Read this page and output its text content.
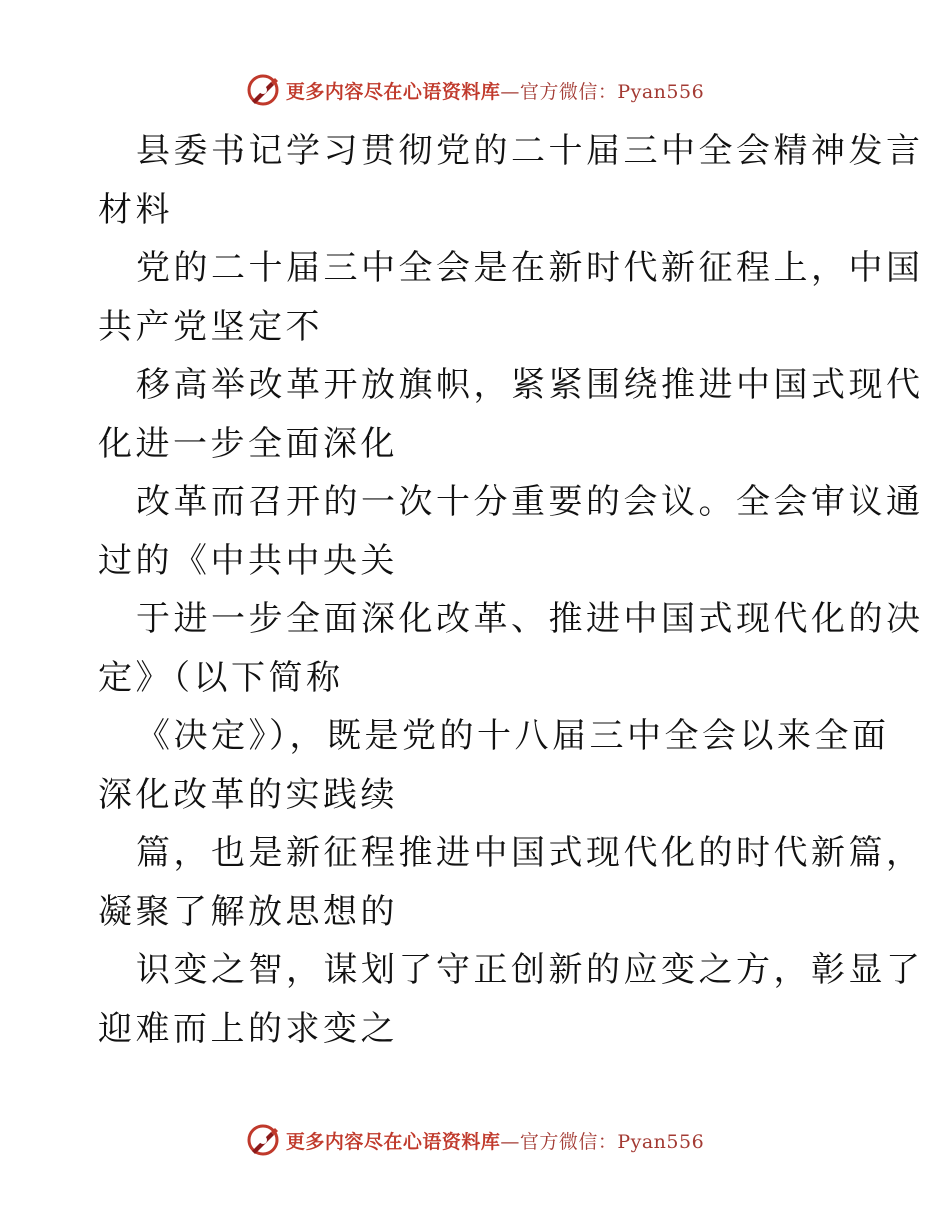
更多内容尽在心语资料库—官方微信：Pyan556

县委书记学习贯彻党的二十届三中全会精神发言
材料

党的二十届三中全会是在新时代新征程上，中国
共产党坚定不

移高举改革开放旗帜，紧紧围绕推进中国式现代
化进一步全面深化

改革而召开的一次十分重要的会议。全会审议通
过的《中共中央关

于进一步全面深化改革、推进中国式现代化的决
定》（以下简称

《决定》），既是党的十八届三中全会以来全面
深化改革的实践续

篇，也是新征程推进中国式现代化的时代新篇，
凝聚了解放思想的

识变之智，谋划了守正创新的应变之方，彰显了
迎难而上的求变之

更多内容尽在心语资料库—官方微信：Pyan556
